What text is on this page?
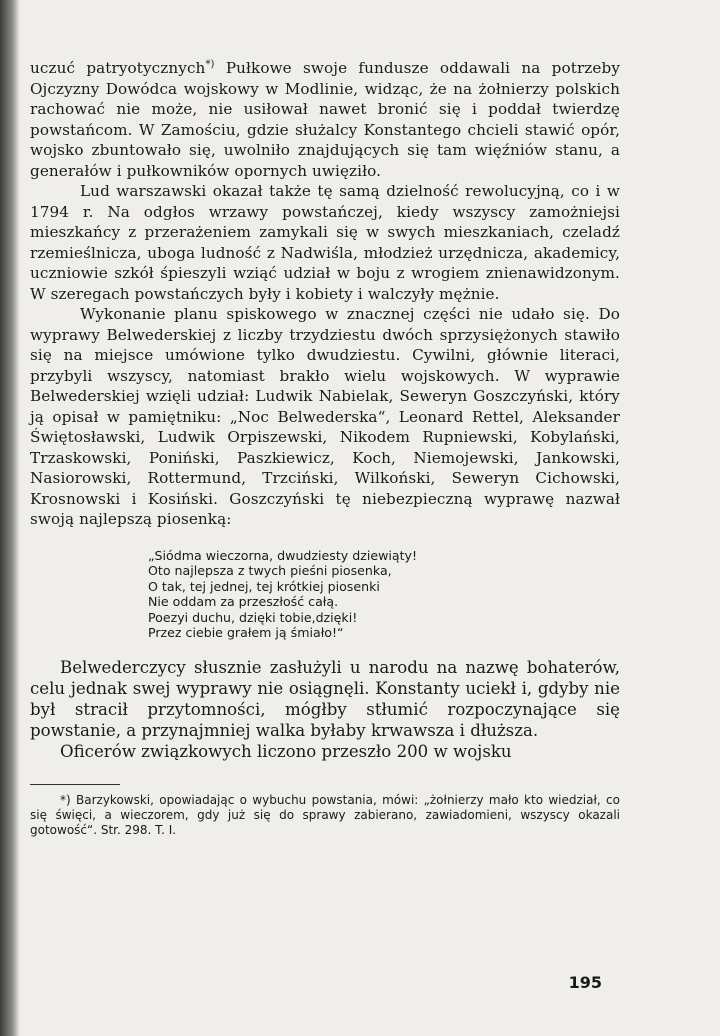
uczuć patryotycznych*) Pułkowe swoje fundusze oddawali na potrzeby Ojczyzny Dowódca wojskowy w Modlinie, widząc, że na żołnierzy polskich rachować nie może, nie usiłował nawet bronić się i poddał twierdzę powstańcom. W Zamościu, gdzie służalcy Konstantego chcieli stawić opór, wojsko zbuntowało się, uwolniło znajdujących się tam więźniów stanu, a generałów i pułkowników opornych uwięziło.

Lud warszawski okazał także tę samą dzielność rewolucyjną, co i w 1794 r. Na odgłos wrzawy powstańczej, kiedy wszyscy zamożniejsi mieszkańcy z przerażeniem zamykali się w swych mieszkaniach, czeladź rzemieślnicza, uboga ludność z Nadwiśla, młodzież urzędnicza, akademicy, uczniowie szkół śpieszyli wziąć udział w boju z wrogiem znienawidzonym. W szeregach powstańczych były i kobiety i walczyły mężnie.

Wykonanie planu spiskowego w znacznej części nie udało się. Do wyprawy Belwederskiej z liczby trzydziestu dwóch sprzysiężonych stawiło się na miejsce umówione tylko dwudziestu. Cywilni, głównie literaci, przybyli wszyscy, natomiast brakło wielu wojskowych. W wyprawie Belwederskiej wzięli udział: Ludwik Nabielak, Seweryn Goszczyński, który ją opisał w pamiętniku: „Noc Belwederska“, Leonard Rettel, Aleksander Świętosławski, Ludwik Orpiszewski, Nikodem Rupniewski, Kobylański, Trzaskowski, Poniński, Paszkiewicz, Koch, Niemojewski, Jankowski, Nasiorowski, Rottermund, Trzciński, Wilkoński, Seweryn Cichowski, Krosnowski i Kosiński. Goszczyński tę niebezpieczną wyprawę nazwał swoją najlepszą piosenką:

„Siódma wieczorna, dwudziesty dziewiąty!
Oto najlepsza z twych pieśni piosenka,
O tak, tej jednej, tej krótkiej piosenki
Nie oddam za przeszłość całą.
Poezyi duchu, dzięki tobie,dzięki!
Przez ciebie grałem ją śmiało!“

Belwederczycy słusznie zasłużyli u narodu na nazwę bohaterów, celu jednak swej wyprawy nie osiągnęli. Konstanty uciekł i, gdyby nie był stracił przytomności, mógłby stłumić rozpoczynające się powstanie, a przynajmniej walka byłaby krwawsza i dłuższa.

Oficerów związkowych liczono przeszło 200 w wojsku

*) Barzykowski, opowiadając o wybuchu powstania, mówi: „żołnierzy mało kto wiedział, co się święci, a wieczorem, gdy już się do sprawy zabierano, zawiadomieni, wszyscy okazali gotowość“. Str. 298. T. I.
195
